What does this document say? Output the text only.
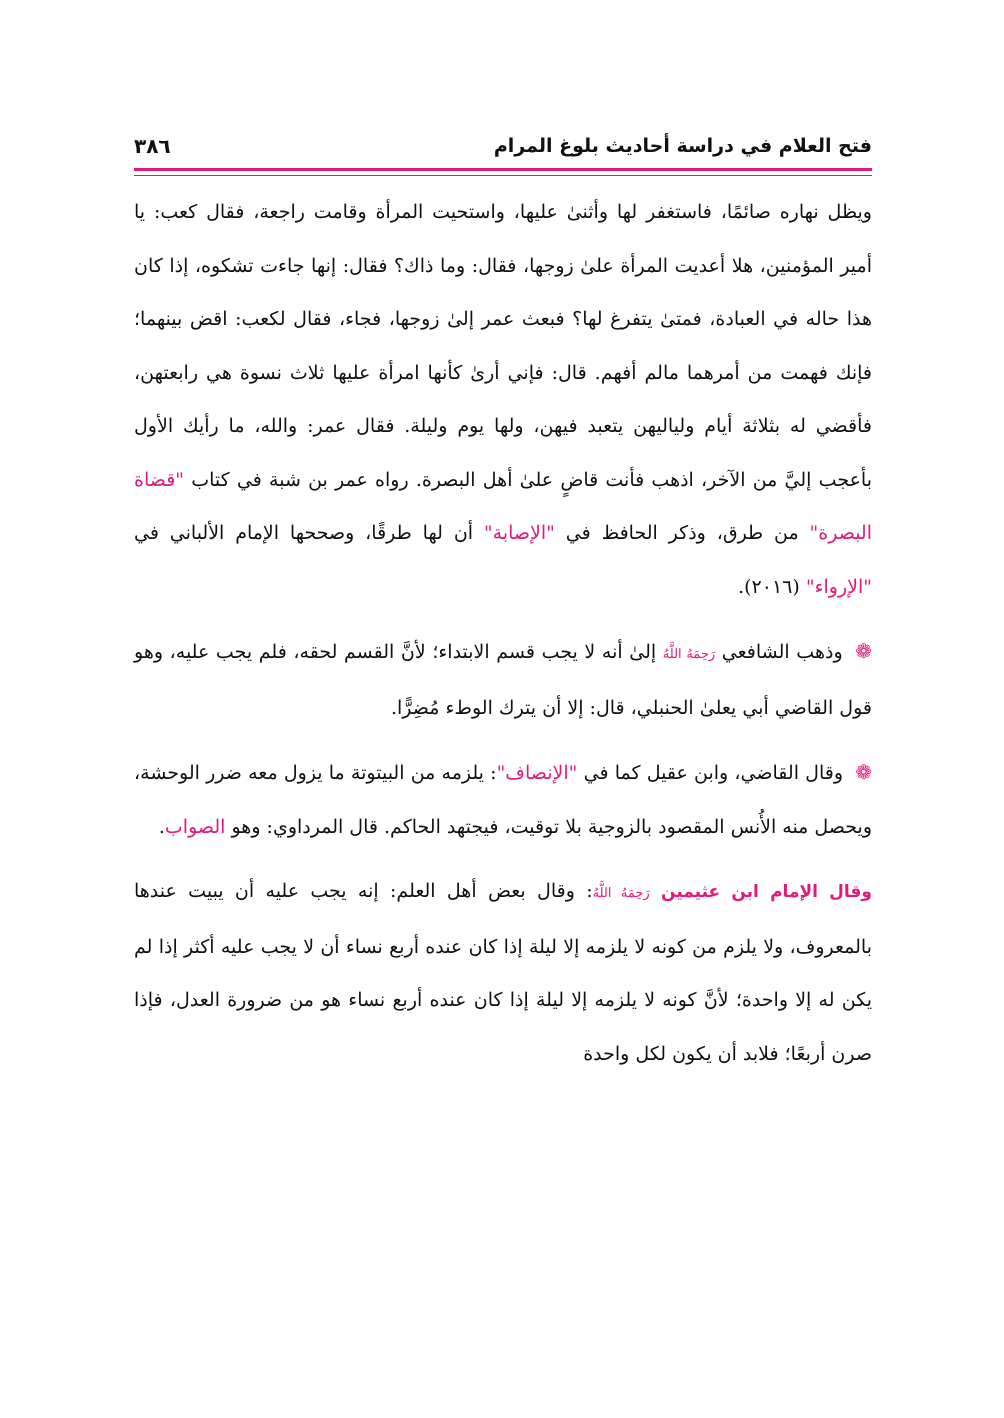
فتح العلام في دراسة أحاديث بلوغ المرام
٣٨٦

ويظل نهاره صائمًا، فاستغفر لها وأثنىٰ عليها، واستحيت المرأة وقامت راجعة، فقال كعب: يا أمير المؤمنين، هلا أعديت المرأة علىٰ زوجها، فقال: وما ذاك؟ فقال: إنها جاءت تشكوه، إذا كان هذا حاله في العبادة، فمتىٰ يتفرغ لها؟ فبعث عمر إلىٰ زوجها، فجاء، فقال لكعب: اقض بينهما؛ فإنك فهمت من أمرهما مالم أفهم. قال: فإني أرىٰ كأنها امرأة عليها ثلاث نسوة هي رابعتهن، فأقضي له بثلاثة أيام ولياليهن يتعبد فيهن، ولها يوم وليلة. فقال عمر: والله، ما رأيك الأول بأعجب إليَّ من الآخر، اذهب فأنت قاضٍ علىٰ أهل البصرة. رواه عمر بن شبة في كتاب "قضاة البصرة" من طرق، وذكر الحافظ في "الإصابة" أن لها طرقًا، وصححها الإمام الألباني في "الإرواء" (٢٠١٦).

❁ وذهب الشافعي رَحِمَهُ اللَّهُ إلىٰ أنه لا يجب قسم الابتداء؛ لأنَّ القسم لحقه، فلم يجب عليه، وهو قول القاضي أبي يعلىٰ الحنبلي، قال: إلا أن يترك الوطء مُضِرًّا.

❁ وقال القاضي، وابن عقيل كما في "الإنصاف": يلزمه من البيتوتة ما يزول معه ضرر الوحشة، ويحصل منه الأُنس المقصود بالزوجية بلا توقيت، فيجتهد الحاكم. قال المرداوي: وهو الصواب.

وقال الإمام ابن عثيمين رَحِمَهُ اللَّهُ: وقال بعض أهل العلم: إنه يجب عليه أن يبيت عندها بالمعروف، ولا يلزم من كونه لا يلزمه إلا ليلة إذا كان عنده أربع نساء أن لا يجب عليه أكثر إذا لم يكن له إلا واحدة؛ لأنَّ كونه لا يلزمه إلا ليلة إذا كان عنده أربع نساء هو من ضرورة العدل، فإذا صرن أربعًا؛ فلابد أن يكون لكل واحدة
